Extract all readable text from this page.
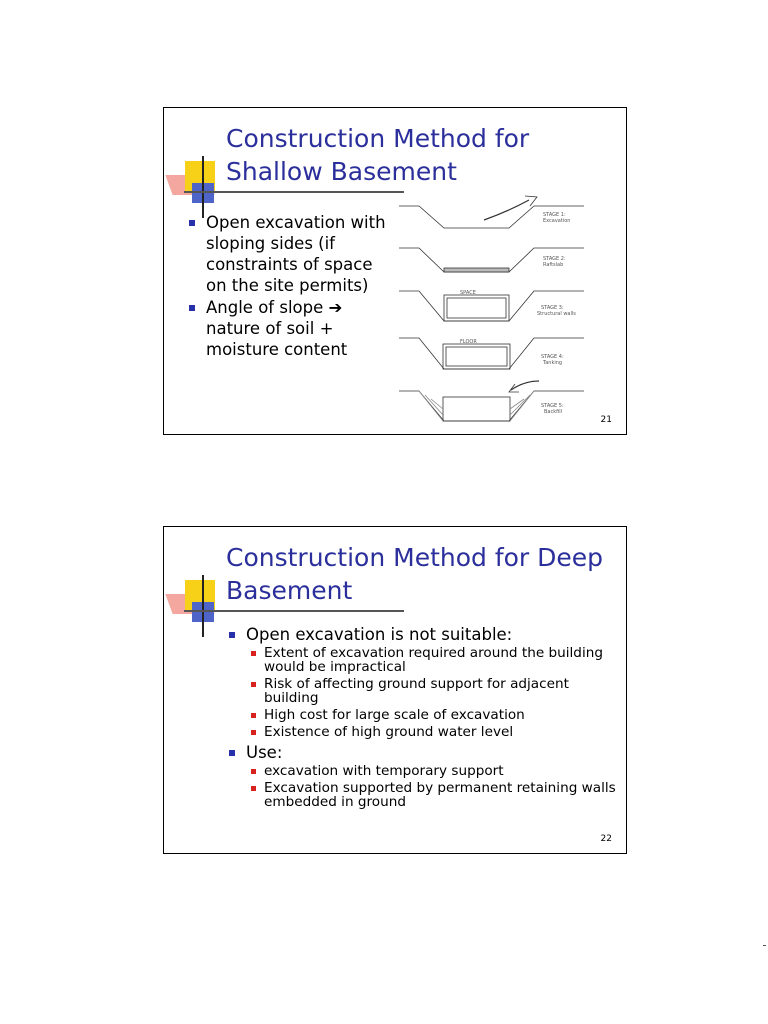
Construction Method for Shallow Basement
Open excavation with sloping sides (if constraints of space on the site permits)
Angle of slope ➔ nature of soil + moisture content
SPACE
FLOOR
STAGE 1:
Excavation
STAGE 2:
Raftslab
STAGE 3:
Structural walls
STAGE 4:
Tanking
STAGE 5:
Backfill
21
Construction Method for Deep Basement
Open excavation is not suitable:
Extent of excavation required around the building would be impractical
Risk of affecting ground support for adjacent building
High cost for large scale of excavation
Existence of high ground water level
Use:
excavation with temporary support
Excavation supported by permanent retaining walls embedded in ground
22
